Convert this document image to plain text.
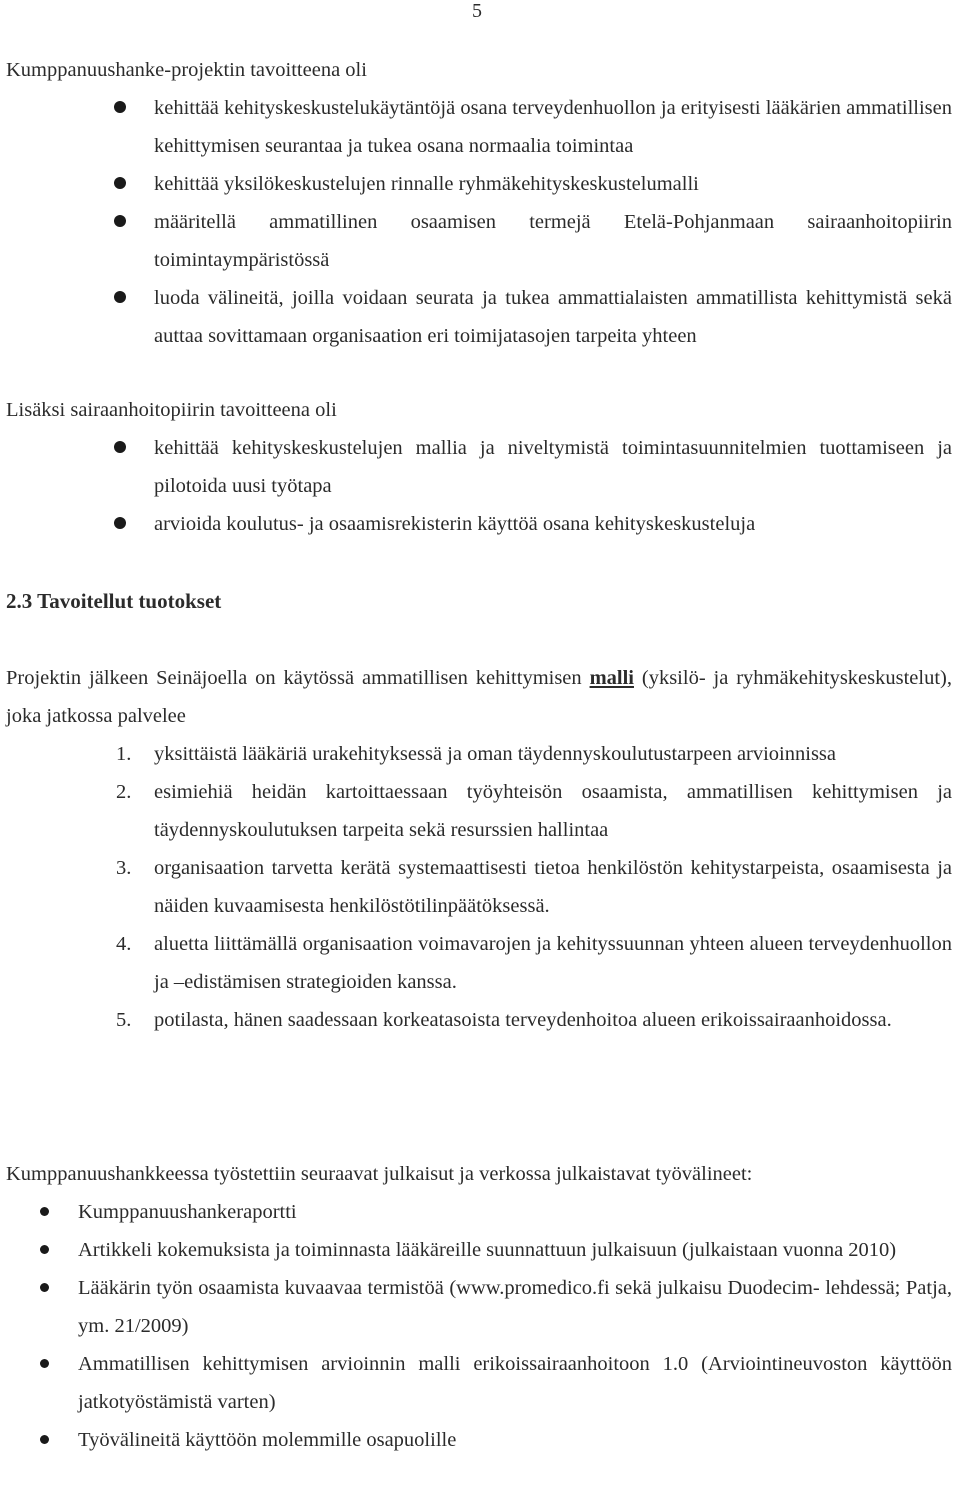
5

Kumppanuushanke-projektin tavoitteena oli

kehittää kehityskeskustelukäytäntöjä osana terveydenhuollon ja erityisesti lääkärien ammatillisen kehittymisen seurantaa ja tukea osana normaalia toimintaa
kehittää yksilökeskustelujen rinnalle ryhmäkehityskeskustelumalli
määritellä ammatillinen osaamisen termejä Etelä-Pohjanmaan sairaanhoitopiirin toimintaympäristössä
luoda välineitä, joilla voidaan seurata ja tukea ammattialaisten ammatillista kehittymistä sekä auttaa sovittamaan organisaation eri toimijatasojen tarpeita yhteen

Lisäksi sairaanhoitopiirin tavoitteena oli

kehittää kehityskeskustelujen mallia ja niveltymistä toimintasuunnitelmien tuottamiseen ja pilotoida uusi työtapa
arvioida koulutus- ja osaamisrekisterin käyttöä osana kehityskeskusteluja
2.3 Tavoitellut tuotokset

Projektin jälkeen Seinäjoella on käytössä ammatillisen kehittymisen malli (yksilö- ja ryhmäkehityskeskustelut), joka jatkossa palvelee

1. yksittäistä lääkäriä urakehityksessä ja oman täydennyskoulutustarpeen arvioinnissa
2. esimiehiä heidän kartoittaessaan työyhteisön osaamista, ammatillisen kehittymisen ja täydennyskoulutuksen tarpeita sekä resurssien hallintaa
3. organisaation tarvetta kerätä systemaattisesti tietoa henkilöstön kehitystarpeista, osaamisesta ja näiden kuvaamisesta henkilöstötilinpäätöksessä.
4. aluetta liittämällä organisaation voimavarojen ja kehityssuunnan yhteen alueen terveydenhuollon ja –edistämisen strategioiden kanssa.
5. potilasta, hänen saadessaan korkeatasoista terveydenhoitoa alueen erikoissairaanhoidossa.

Kumppanuushankkeessa työstettiin seuraavat julkaisut ja verkossa julkaistavat työvälineet:

Kumppanuushankeraportti
Artikkeli kokemuksista ja toiminnasta lääkäreille suunnattuun julkaisuun (julkaistaan vuonna 2010)
Lääkärin työn osaamista kuvaavaa termistöä (www.promedico.fi sekä julkaisu Duodecim- lehdessä; Patja, ym. 21/2009)
Ammatillisen kehittymisen arvioinnin malli erikoissairaanhoitoon 1.0 (Arviointineuvoston käyttöön jatkotyöstämistä varten)
Työvälineitä käyttöön molemmille osapuolille
